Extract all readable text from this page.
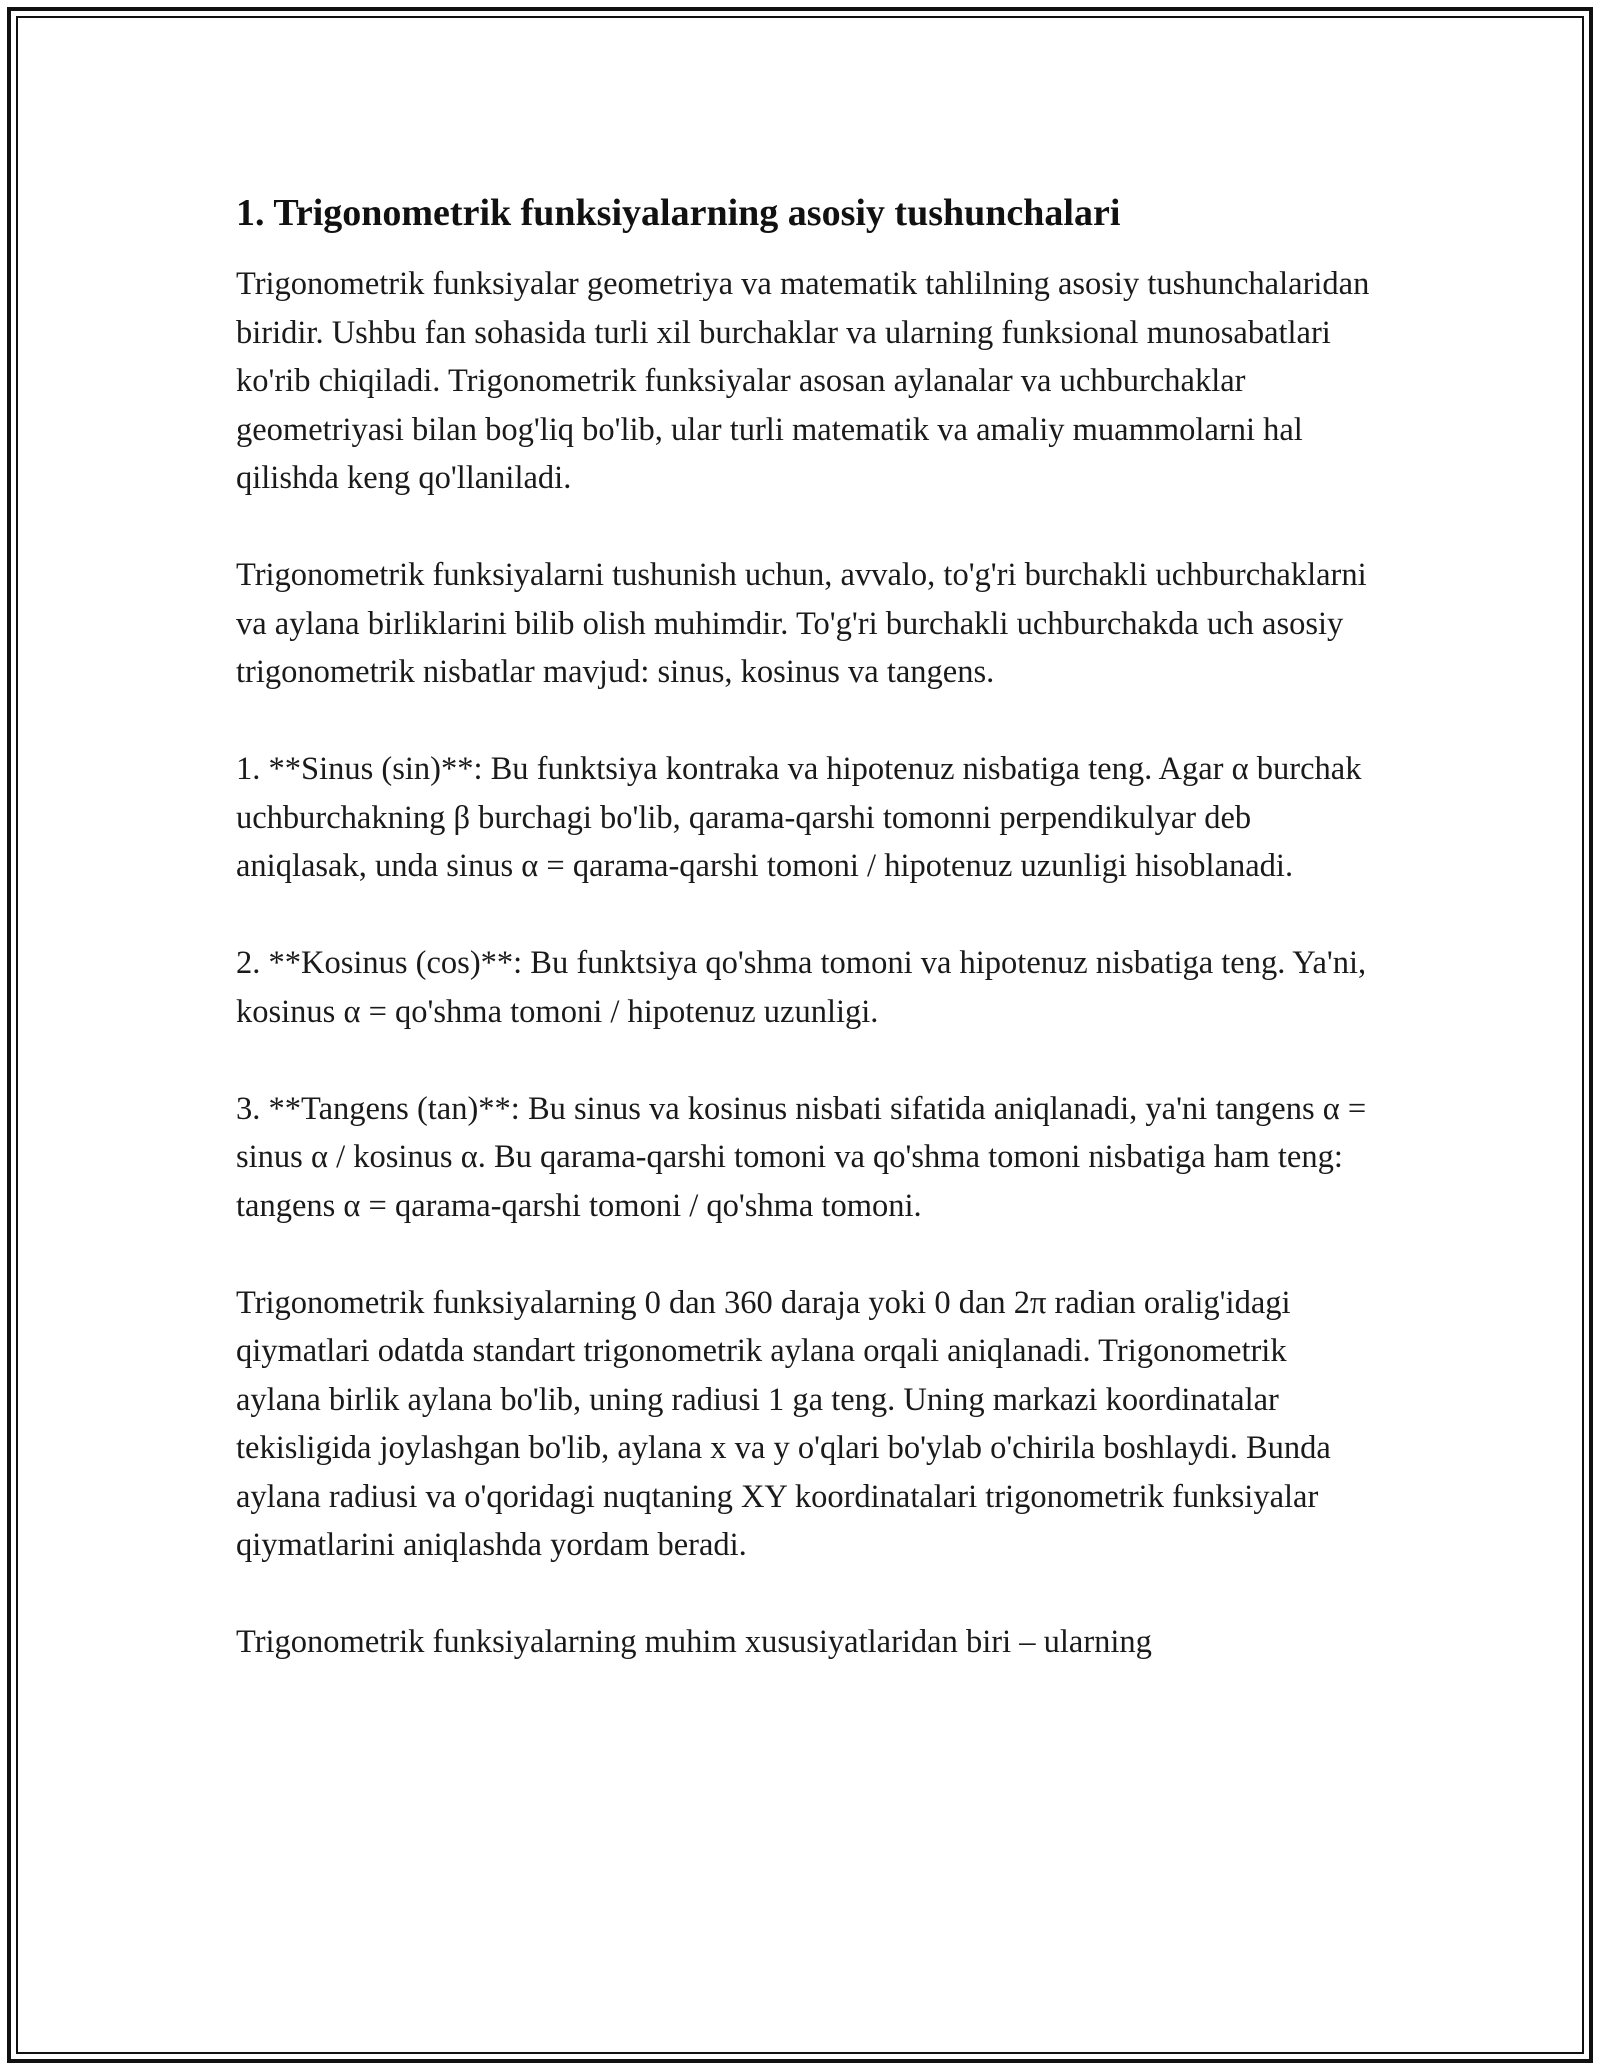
1. Trigonometrik funksiyalarning asosiy tushunchalari

Trigonometrik funksiyalar geometriya va matematik tahlilning asosiy tushunchalaridan biridir. Ushbu fan sohasida turli xil burchaklar va ularning funksional munosabatlari ko'rib chiqiladi. Trigonometrik funksiyalar asosan aylanalar va uchburchaklar geometriyasi bilan bog'liq bo'lib, ular turli matematik va amaliy muammolarni hal qilishda keng qo'llaniladi.

Trigonometrik funksiyalarni tushunish uchun, avvalo, to'g'ri burchakli uchburchaklarni va aylana birliklarini bilib olish muhimdir. To'g'ri burchakli uchburchakda uch asosiy trigonometrik nisbatlar mavjud: sinus, kosinus va tangens.

1. **Sinus (sin)**: Bu funktsiya kontraka va hipotenuz nisbatiga teng. Agar α burchak uchburchakning β burchagi bo'lib, qarama-qarshi tomonni perpendikulyar deb aniqlasak, unda sinus α = qarama-qarshi tomoni / hipotenuz uzunligi hisoblanadi.

2. **Kosinus (cos)**: Bu funktsiya qo'shma tomoni va hipotenuz nisbatiga teng. Ya'ni, kosinus α = qo'shma tomoni / hipotenuz uzunligi.

3. **Tangens (tan)**: Bu sinus va kosinus nisbati sifatida aniqlanadi, ya'ni tangens α = sinus α / kosinus α. Bu qarama-qarshi tomoni va qo'shma tomoni nisbatiga ham teng: tangens α = qarama-qarshi tomoni / qo'shma tomoni.

Trigonometrik funksiyalarning 0 dan 360 daraja yoki 0 dan 2π radian oralig'idagi qiymatlari odatda standart trigonometrik aylana orqali aniqlanadi. Trigonometrik aylana birlik aylana bo'lib, uning radiusi 1 ga teng. Uning markazi koordinatalar tekisligida joylashgan bo'lib, aylana x va y o'qlari bo'ylab o'chirila boshlaydi. Bunda aylana radiusi va o'qoridagi nuqtaning XY koordinatalari trigonometrik funksiyalar qiymatlarini aniqlashda yordam beradi.

Trigonometrik funksiyalarning muhim xususiyatlaridan biri – ularning
